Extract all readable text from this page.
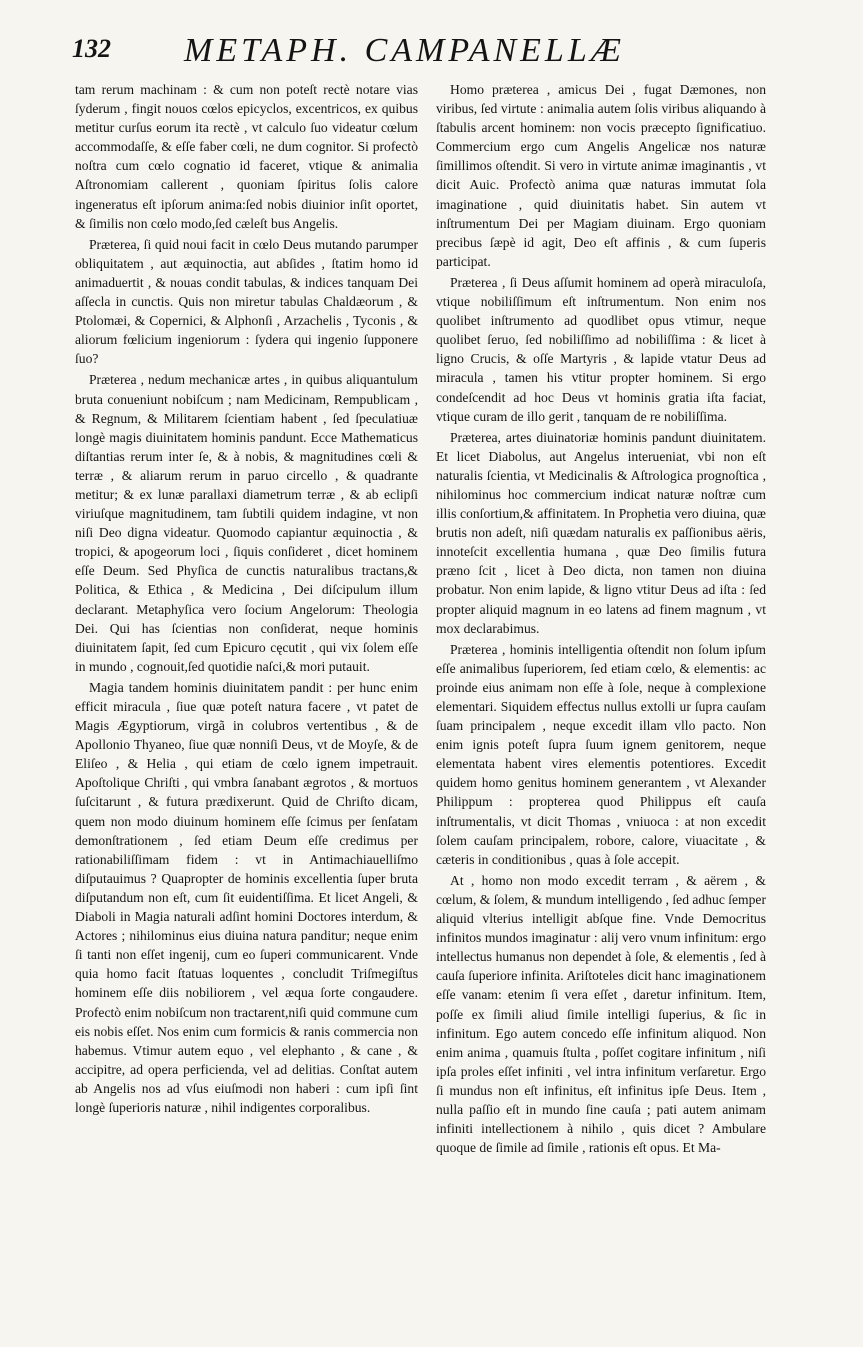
132 METAPH. CAMPANELLÆ

tam rerum machinam : & cum non poteſt rectè notare vias ſyderum , fingit nouos cœlos epicyclos, excentricos, ex quibus metitur curſus eorum ita rectè , vt calculo ſuo videatur cœlum accommodaſſe, & eſſe faber cœli, ne dum cognitor. Si profectò noſtra cum cœlo cognatio id faceret, vtique & animalia Aſtronomiam callerent , quoniam ſpiritus ſolis calore ingeneratus eſt ipſorum anima:ſed nobis diuinior inſit oportet, & ſimilis non cœlo modo,ſed cæleſt bus Angelis.

Præterea, ſi quid noui facit in cœlo Deus mutando parumper obliquitatem , aut æquinoctia, aut abſides , ſtatim homo id animaduertit , & nouas condit tabulas, & indices tanquam Dei aſſecla in cunctis. Quis non miretur tabulas Chaldæorum , & Ptolomæi, & Copernici, & Alphonſi , Arzachelis , Tyconis , & aliorum fœlicium ingeniorum : ſydera qui ingenio ſupponere ſuo?

Præterea , nedum mechanicæ artes , in quibus aliquantulum bruta conueniunt nobiſcum ; nam Medicinam, Rempublicam , & Regnum, & Militarem ſcientiam habent , ſed ſpeculatiuæ longè magis diuinitatem hominis pandunt. Ecce Mathematicus diſtantias rerum inter ſe, & à nobis, & magnitudines cœli & terræ , & aliarum rerum in paruo circello , & quadrante metitur; & ex lunæ parallaxi diametrum terræ , & ab eclipſi viriuſque magnitudinem, tam ſubtili quidem indagine, vt non niſi Deo dignа videatur. Quomodo capiantur æquinoctia , & tropici, & apogeorum loci , ſiquis conſideret , dicet hominem eſſe Deum. Sed Phyſica de cunctis naturalibus tractans,& Politica, & Ethica , & Medicina , Dei diſcipulum illum declarant. Metaphyſica vero ſocium Angelorum: Theologia Dei. Qui has ſcientias non conſiderat, neque hominis diuinitatem ſapit, ſed cum Epicuro cęcutit , qui vix ſolem eſſe in mundo , cognouit,ſed quotidie naſci,& mori putauit.

Magia tandem hominis diuinitatem pandit : per hunc enim efficit miracula , ſiue quæ poteſt natura facere , vt patet de Magis Ægyptiorum, virgã in colubros vertentibus , & de Apollonio Thyaneo, ſiue quæ nonniſi Deus, vt de Moyſe, & de Eliſeo , & Helia , qui etiam de cœlo ignem impetrauit. Apoſtolique Chriſti , qui vmbra ſanabant ægrotos , & mortuos ſuſcitarunt , & futura prædixerunt. Quid de Chriſto dicam, quem non modo diuinum hominem eſſe ſcimus per ſenſatam demonſtrationem , ſed etiam Deum eſſe credimus per rationabiliſſimam fidem : vt in Antimachiauelliſmo diſputauimus ? Quapropter de hominis excellentia ſuper bruta diſputandum non eſt, cum ſit euidentiſſima. Et licet Angeli, & Diaboli in Magia naturali adſint homini Doctores interdum, & Actores ; nihilominus eius diuina natura panditur; neque enim ſi tanti non eſſet ingenij, cum eo ſuperi communicarent. Vnde quia homo facit ſtatuas loquentes , concludit Triſmegiſtus hominem eſſe diis nobiliorem , vel æqua ſorte congaudere. Profectò enim nobiſcum non tractarent,niſi quid commune cum eis nobis eſſet. Nos enim cum formicis & ranis commercia non habemus. Vtimur autem equo , vel elephanto , & cane , & accipitre, ad operа perficienda, vel ad delitias. Conſtat autem ab Angelis nos ad vſus eiuſmodi non haberi : cum ipſi ſint longè ſuperioris naturæ , nihil indigentes corporalibus.

Homo præterea , amicus Dei , fugat Dæmones, non viribus, ſed virtute : animalia autem ſolis viribus aliquando à ſtabulis arcent hominem: non vocis præcepto ſignificatiuo. Commercium ergo cum Angelis Angelicæ nos naturæ ſimillimos oſtendit. Si vero in virtute animæ imaginantis , vt dicit Auic. Profectò anima quæ naturas immutat ſola imaginatione , quid diuinitatis habet. Sin autem vt inſtrumentum Dei per Magiam diuinam. Ergo quoniam precibus ſæpè id agit, Deo eſt affinis , & cum ſuperis participat.

Præterea , ſi Deus aſſumit hominem ad operà miraculoſa, vtique nobiliſſimum eſt inſtrumentum. Non enim nos quolibet inſtrumento ad quodlibet opus vtimur, neque quolibet ſeruo, ſed nobiliſſimo ad nobiliſſima : & licet à ligno Crucis, & oſſe Martyris , & lapide vtatur Deus ad miracula , tamen his vtitur propter hominem. Si ergo condeſcendit ad hoc Deus vt hominis gratia iſta faciat, vtique curam de illo gerit , tanquam de re nobiliſſima.

Præterea, artes diuinatoriæ hominis pandunt diuinitatem. Et licet Diabolus, aut Angelus interueniat, vbi non eſt naturalis ſcientia, vt Medicinalis & Aſtrologica prognoſtica , nihilominus hoc commercium indicat naturæ noſtræ cum illis conſortium,& affinitatem. In Prophetia vero diuina, quæ brutis non adeſt, niſi quædam naturalis ex paſſionibus aëris, innoteſcit excellentia humana , quæ Deo ſimilis futura præno ſcit , licet à Deo dicta, non tamen non diuina probatur. Non enim lapide, & ligno vtitur Deus ad iſta : ſed propter aliquid magnum in eo latens ad finem magnum , vt mox declarabimus.

Præterea , hominis intelligentia oſtendit non ſolum ipſum eſſe animalibus ſuperiorem, ſed etiam cœlo, & elementis: ac proinde eius animam non eſſe à ſole, neque à complexione elementari. Siquidem effectus nullus extolli ur ſupra cauſam ſuam principalem , neque excedit illam vllo pacto. Non enim ignis poteſt ſupra ſuum ignem genitorem, neque elementata habent vires elementis potentiores. Excedit quidem homo genitus hominem generantem , vt Alexander Philippum : propterea quod Philippus eſt cauſa inſtrumentalis, vt dicit Thomas , vniuoca : at non excedit ſolem cauſam principalem, robore, calore, viuacitate , & cæteris in conditionibus , quas à ſole accepit.

At , homo non modo excedit terram , & aërem , & cœlum, & ſolem, & mundum intelligendo , ſed adhuc ſemper aliquid vlterius intelligit abſque fine. Vnde Democritus infinitos mundos imaginatur : alij vero vnum infinitum: ergo intellectus humanus non dependet à ſole, & elementis , ſed à cauſa ſuperiore infinita. Ariſtoteles dicit hanc imaginationem eſſe vanam: etenim ſi vera eſſet , daretur infinitum. Item, poſſe ex ſimili aliud ſimile intelligi ſuperius, & ſic in infinitum. Ego autem concedo eſſe infinitum aliquod. Non enim anima , quamuis ſtulta , poſſet cogitare infinitum , niſi ipſa proles eſſet infiniti , vel intra infinitum verſaretur. Ergo ſi mundus non eſt infinitus, eſt infinitus ipſe Deus. Item , nulla paſſio eſt in mundo ſine cauſa ; pati autem animam infiniti intellectionem à nihilo , quis dicet ? Ambulare quoque de ſimile ad ſimile , rationis eſt opus. Et Ma-
